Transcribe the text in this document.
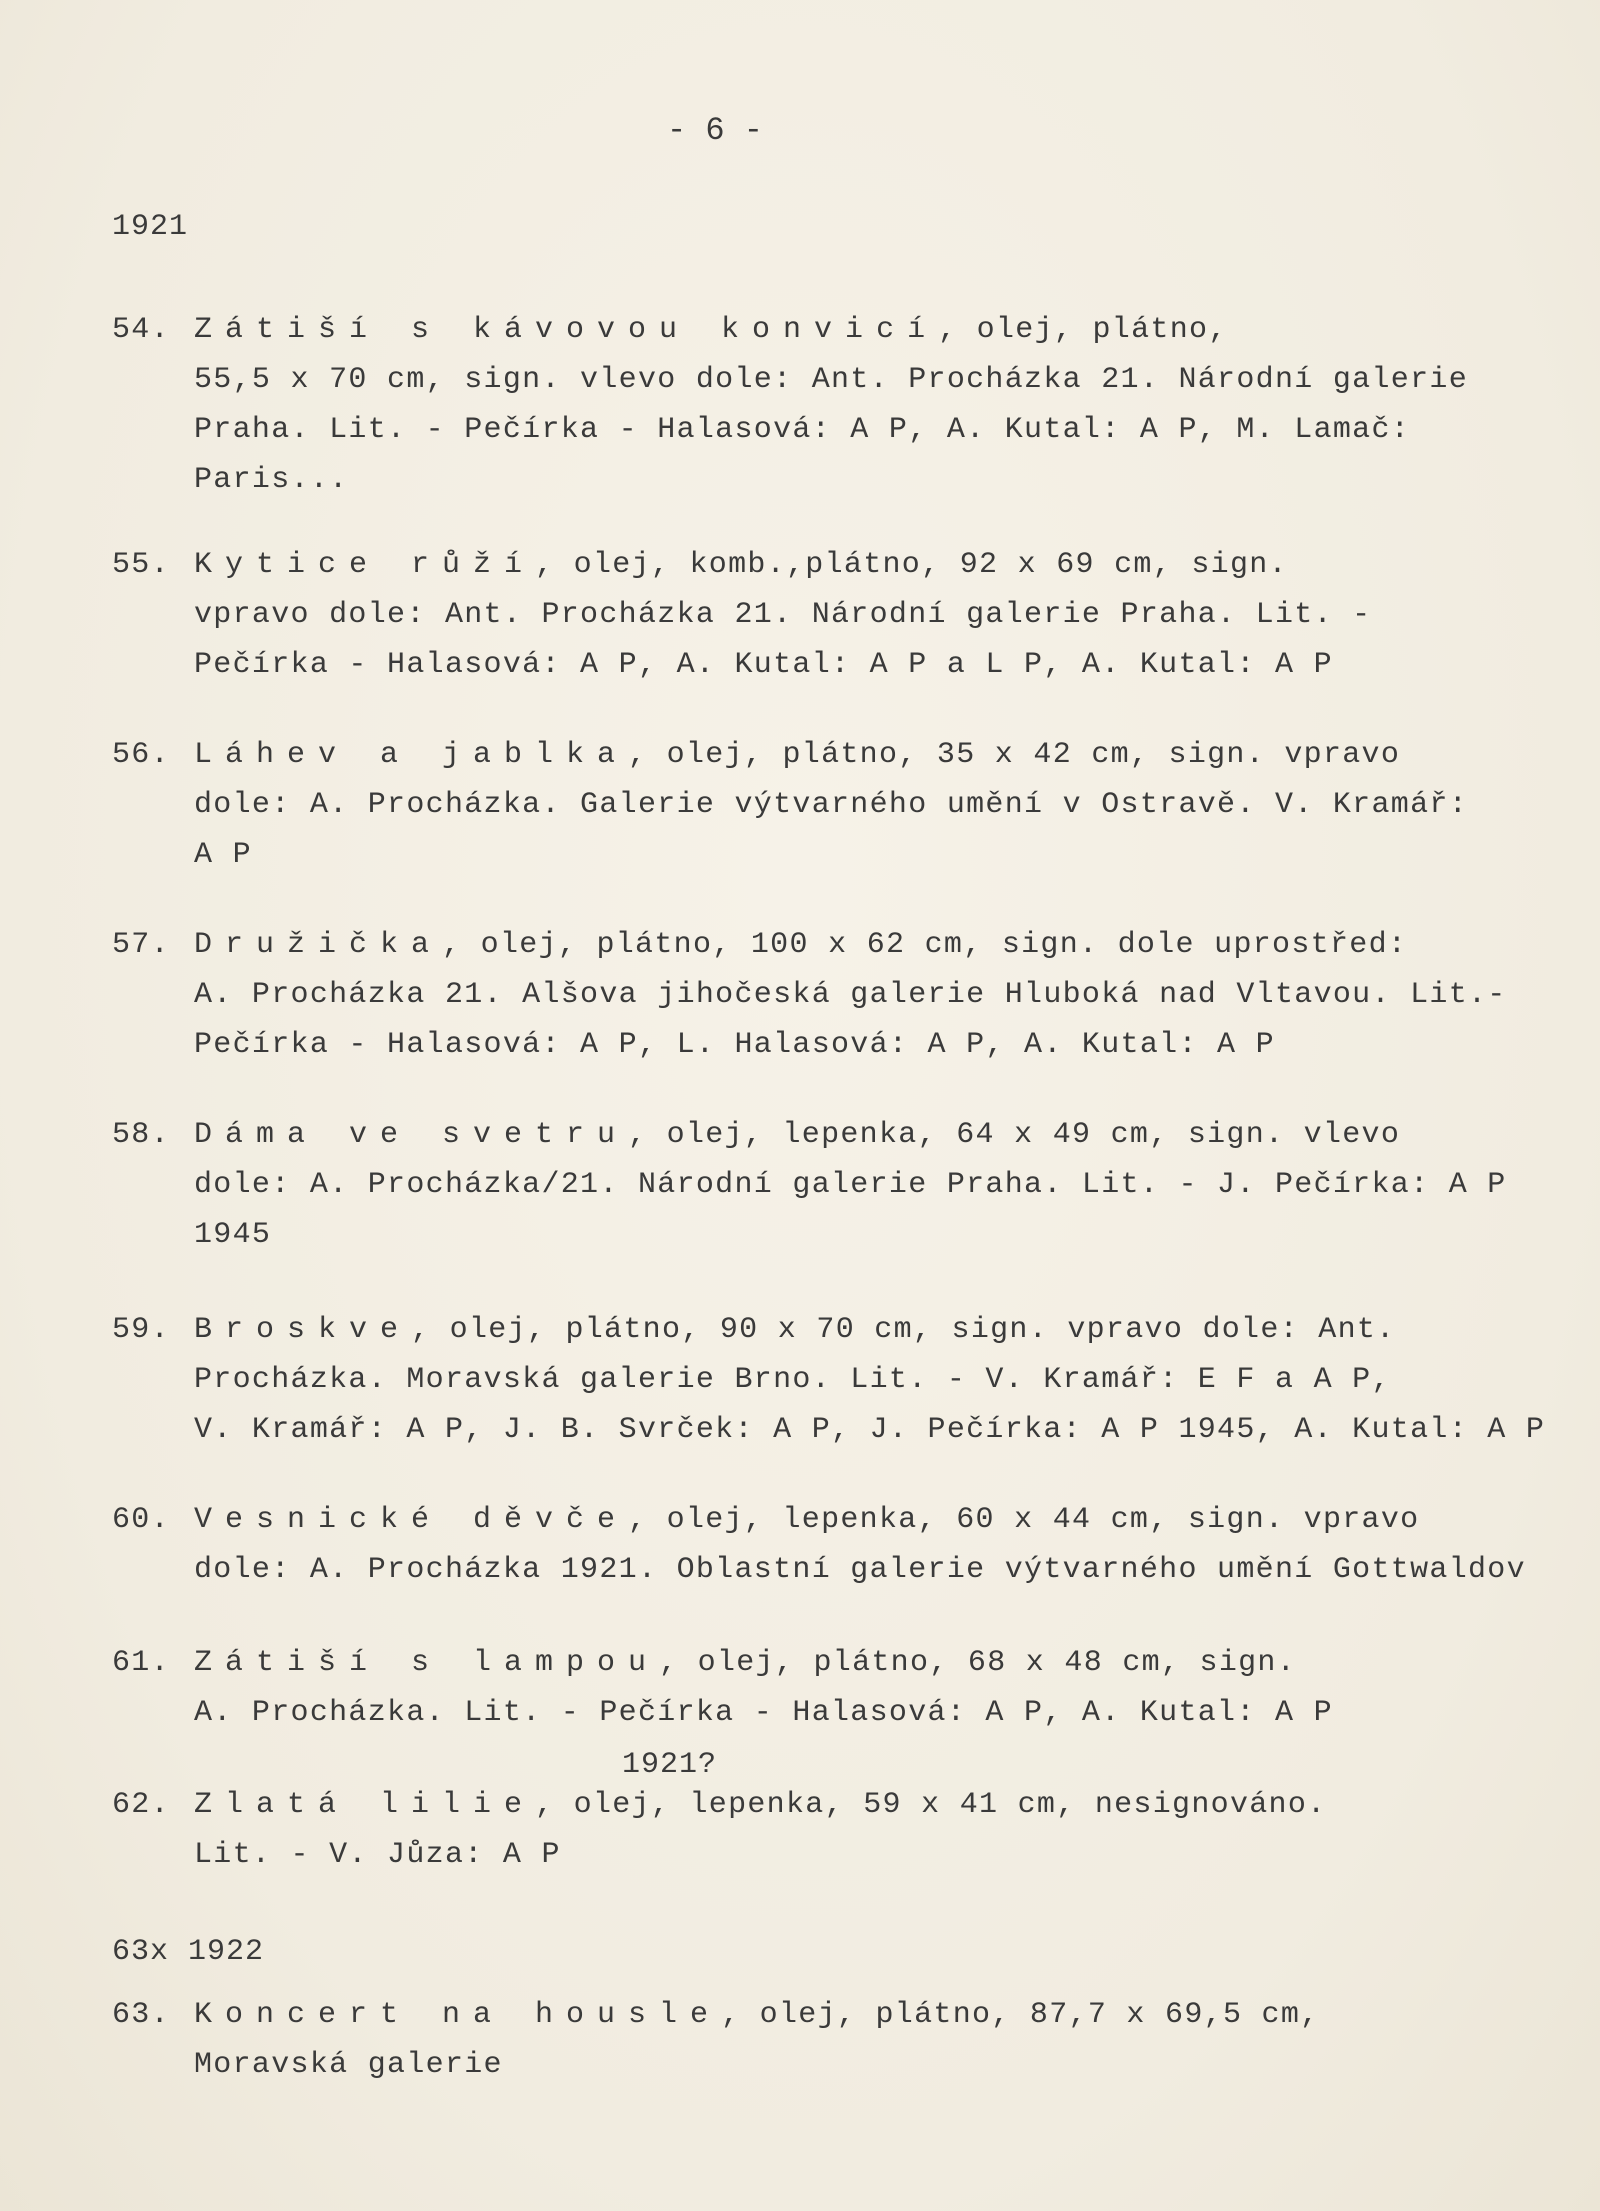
- 6 -
1921
54. Zátiší s kávovou konvicí, olej, plátno,
55,5 x 70 cm, sign. vlevo dole: Ant. Procházka 21. Národní galerie
Praha. Lit. - Pečírka - Halasová: A P, A. Kutal: A P, M. Lamač:
Paris...
55. Kytice růží, olej, komb.,plátno, 92 x 69 cm, sign.
vpravo dole: Ant. Procházka 21. Národní galerie Praha. Lit. -
Pečírka - Halasová: A P, A. Kutal: A P a L P, A. Kutal: A P
56. Láhev a jablka, olej, plátno, 35 x 42 cm, sign. vpravo
dole: A. Procházka. Galerie výtvarného umění v Ostravě. V. Kramář:
A P
57. Družička, olej, plátno, 100 x 62 cm, sign. dole uprostřed:
A. Procházka 21. Alšova jihočeská galerie Hluboká nad Vltavou. Lit.-
Pečírka - Halasová: A P, L. Halasová: A P, A. Kutal: A P
58. Dáma ve svetru, olej, lepenka, 64 x 49 cm, sign. vlevo
dole: A. Procházka/21. Národní galerie Praha. Lit. - J. Pečírka: A P
1945
59. Broskve, olej, plátno, 90 x 70 cm, sign. vpravo dole: Ant.
Procházka. Moravská galerie Brno. Lit. - V. Kramář: E F a A P,
V. Kramář: A P, J. B. Svrček: A P, J. Pečírka: A P 1945, A. Kutal: A P
60. Vesnické děvče, olej, lepenka, 60 x 44 cm, sign. vpravo
dole: A. Procházka 1921. Oblastní galerie výtvarného umění Gottwaldov
61. Zátiší s lampou, olej, plátno, 68 x 48 cm, sign.
A. Procházka. Lit. - Pečírka - Halasová: A P, A. Kutal: A P
1921?
62. Zlatá lilie, olej, lepenka, 59 x 41 cm, nesignováno.
Lit. - V. Jůza: A P
63x 1922
63. Koncert na housle, olej, plátno, 87,7 x 69,5 cm,
Moravská galerie
